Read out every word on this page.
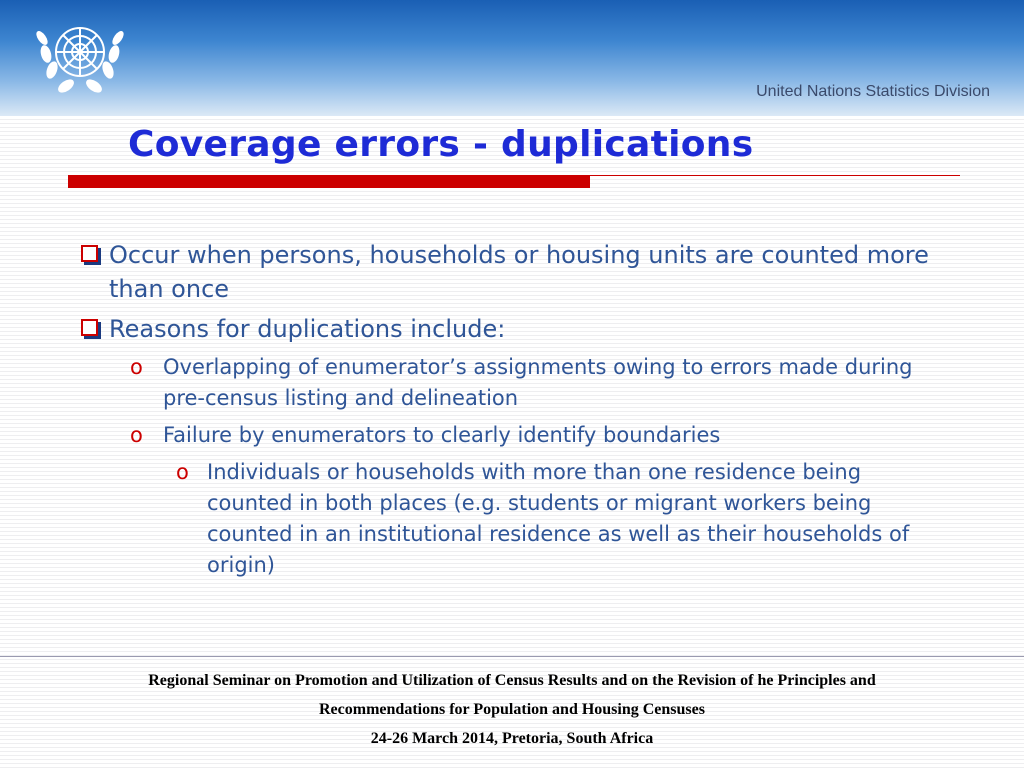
United Nations Statistics Division
Coverage errors - duplications
Occur when persons, households or housing units are counted more than once
Reasons for duplications include:
o Overlapping of enumerator’s assignments owing to errors made during pre-census listing and delineation
o Failure by enumerators to clearly identify boundaries
o Individuals or households with more than one residence being counted in both places (e.g. students or migrant workers being counted in an institutional residence as well as their households of origin)
Regional Seminar on Promotion and Utilization of Census Results and on the Revision of he Principles and
Recommendations for Population and Housing Censuses
24-26 March 2014, Pretoria, South Africa
